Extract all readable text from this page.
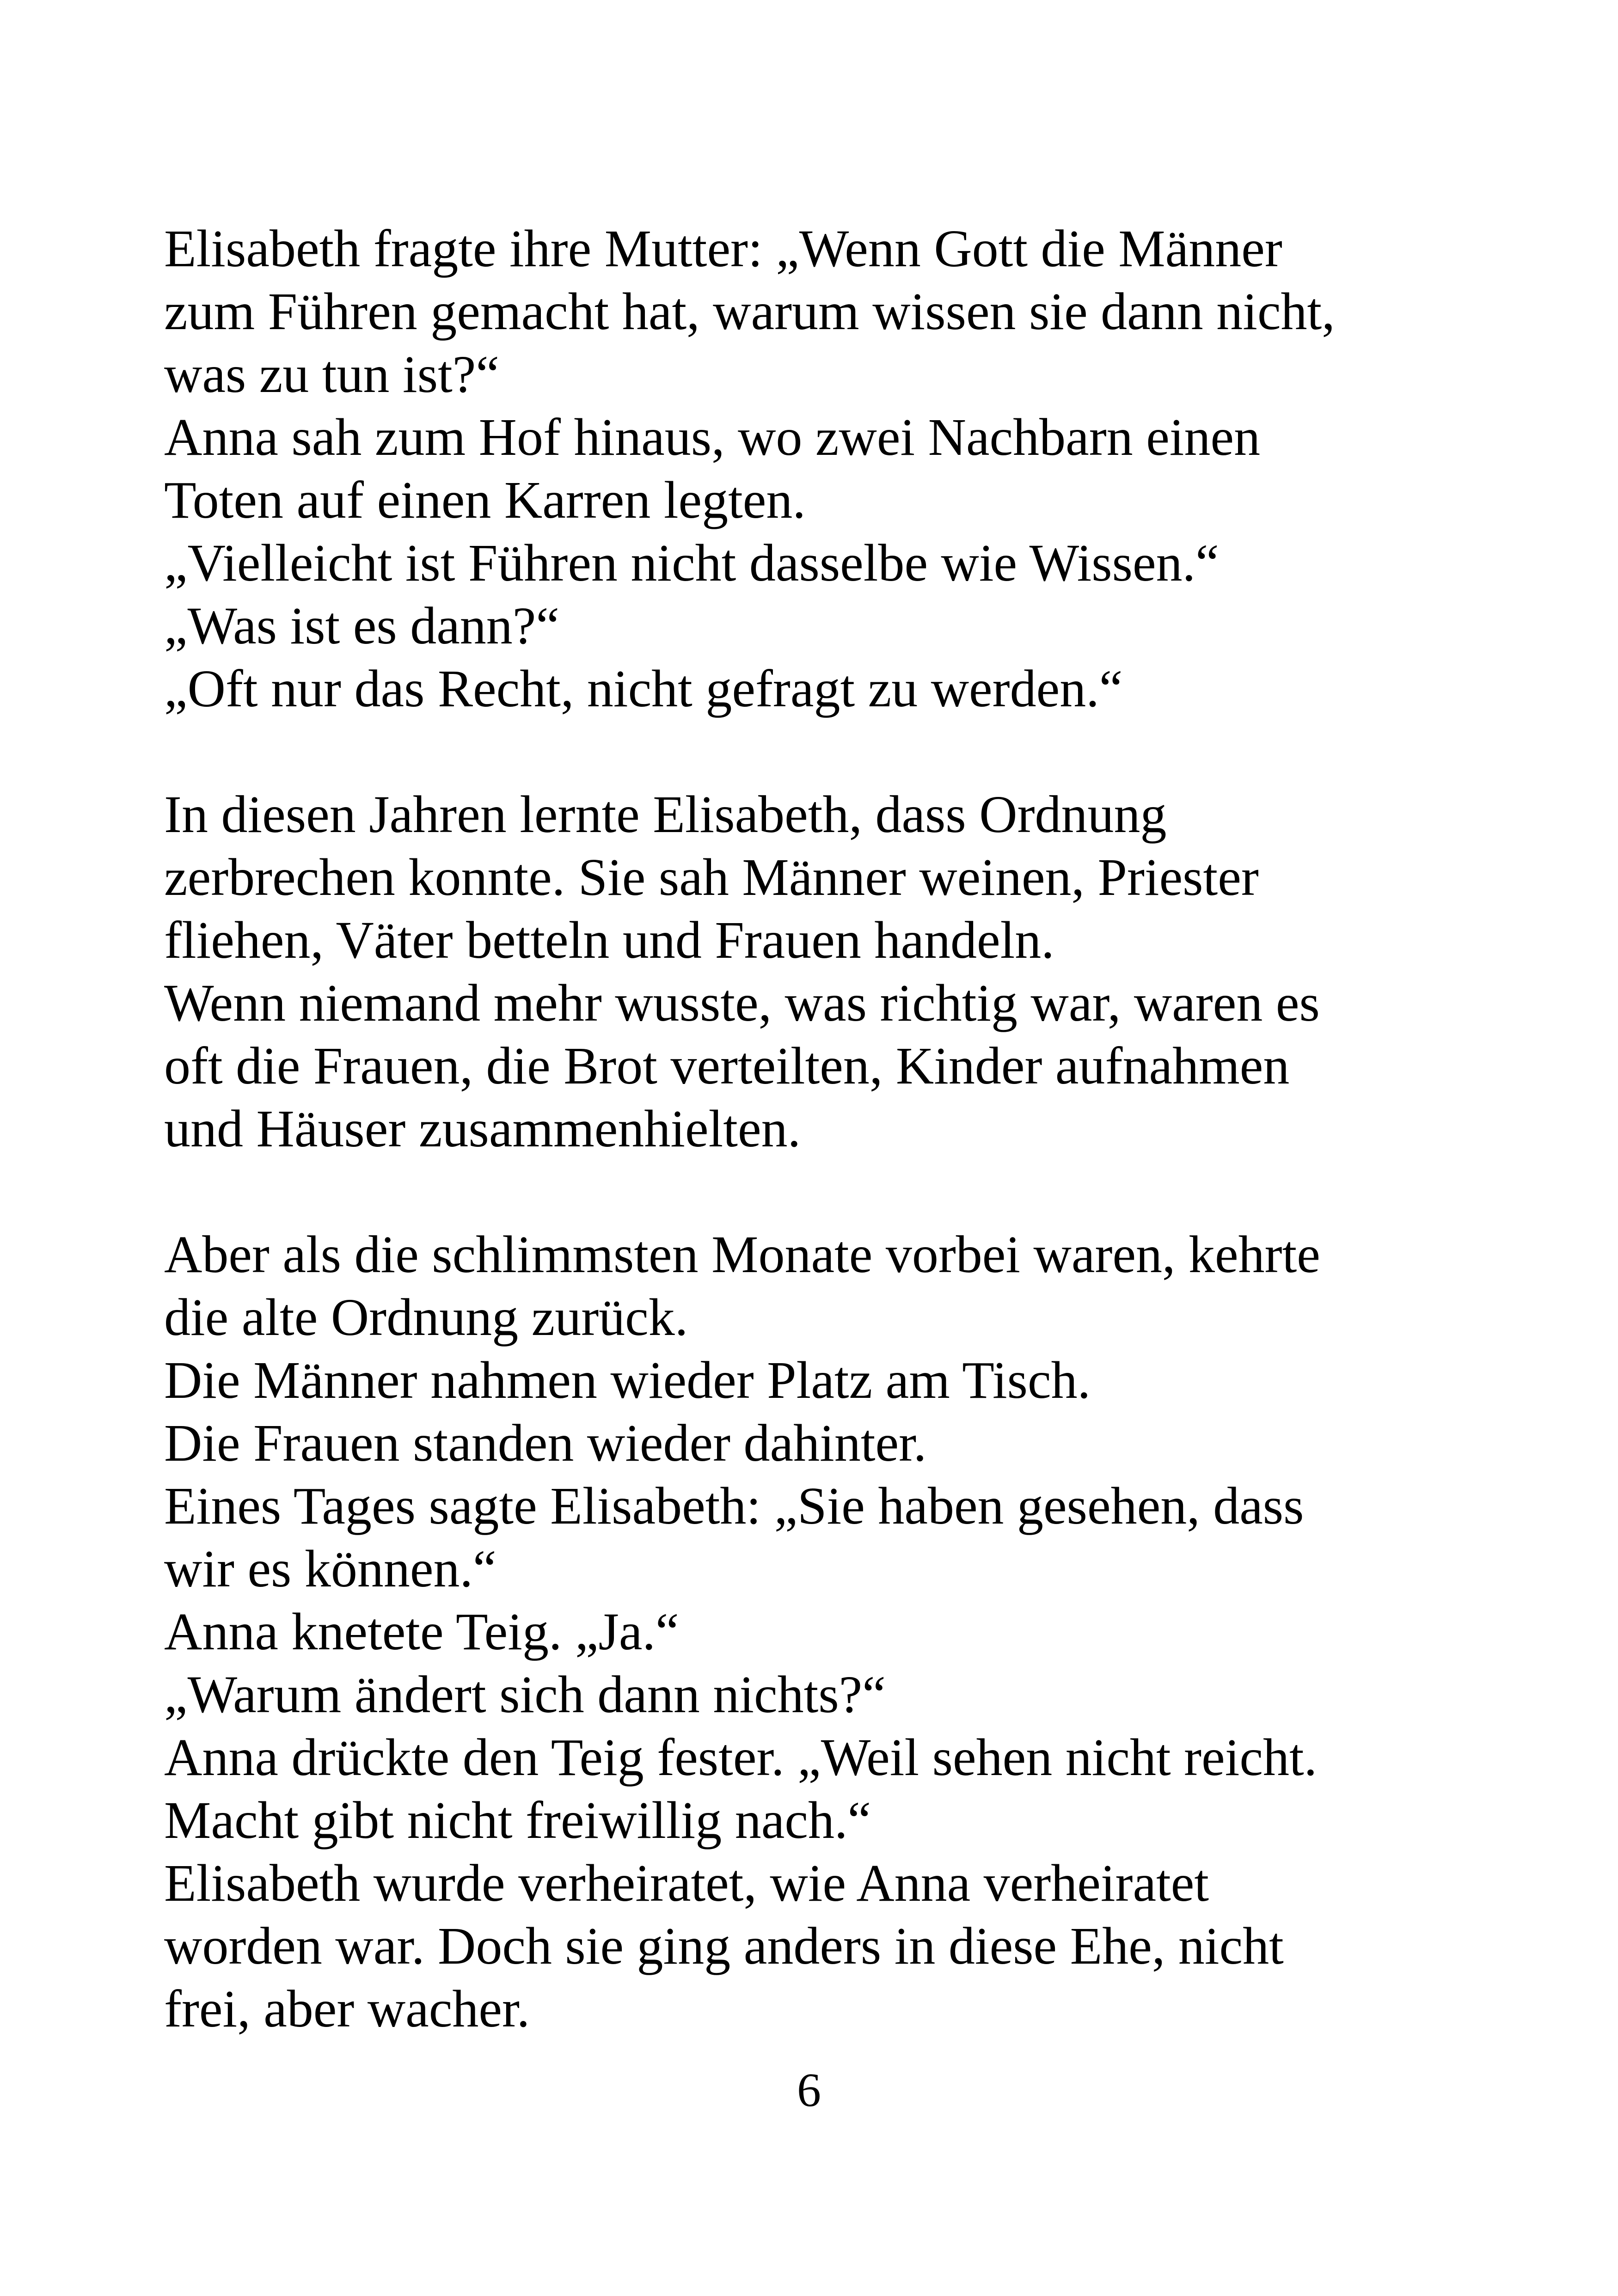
Elisabeth fragte ihre Mutter: „Wenn Gott die Männer
zum Führen gemacht hat, warum wissen sie dann nicht,
was zu tun ist?“
Anna sah zum Hof hinaus, wo zwei Nachbarn einen
Toten auf einen Karren legten.
„Vielleicht ist Führen nicht dasselbe wie Wissen.“
„Was ist es dann?“
„Oft nur das Recht, nicht gefragt zu werden.“
In diesen Jahren lernte Elisabeth, dass Ordnung
zerbrechen konnte. Sie sah Männer weinen, Priester
fliehen, Väter betteln und Frauen handeln.
Wenn niemand mehr wusste, was richtig war, waren es
oft die Frauen, die Brot verteilten, Kinder aufnahmen
und Häuser zusammenhielten.
Aber als die schlimmsten Monate vorbei waren, kehrte
die alte Ordnung zurück.
Die Männer nahmen wieder Platz am Tisch.
Die Frauen standen wieder dahinter.
Eines Tages sagte Elisabeth: „Sie haben gesehen, dass
wir es können.“
Anna knetete Teig. „Ja.“
„Warum ändert sich dann nichts?“
Anna drückte den Teig fester. „Weil sehen nicht reicht.
Macht gibt nicht freiwillig nach.“
Elisabeth wurde verheiratet, wie Anna verheiratet
worden war. Doch sie ging anders in diese Ehe, nicht
frei, aber wacher.
6
